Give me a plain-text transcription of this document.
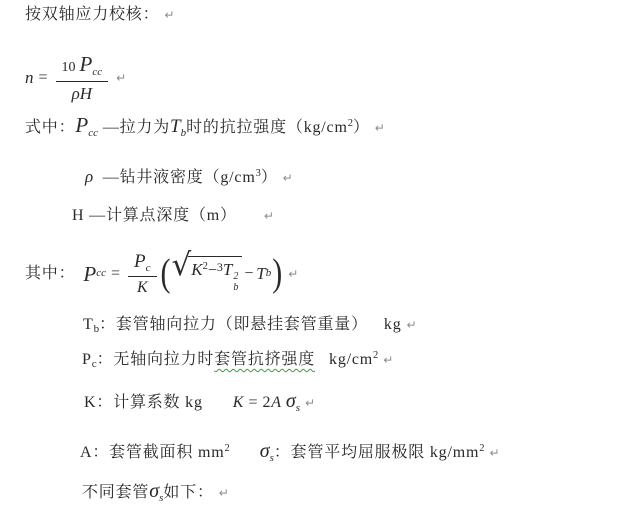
按双轴应力校核： ↵
$n = \frac{10 P_{cc}}{\rho H}$ ↵
式中：$P_{cc}$ —拉力为$T_b$时的抗拉强度$(kg/cm^2)$ ↵
ρ —钻井液密度$(g/cm^3)$ ↵
H —计算点深度（m） ↵
其中： P cc = $\frac{P_c}{K}$ ( √ $K^2-^3T$ 2
b
− T b ) ↵
Tb：套管轴向拉力（即悬挂套管重量） kg ↵
Pc：无轴向拉力时套管抗挤强度 $kg/cm^2$ ↵
K：计算系数 kg K = 2A $\sigma_s$ ↵
A：套管截面积 $mm^2$ $\sigma_s$：套管平均屈服极限 $kg/mm^2$ ↵
不同套管$\sigma_s$如下： ↵
